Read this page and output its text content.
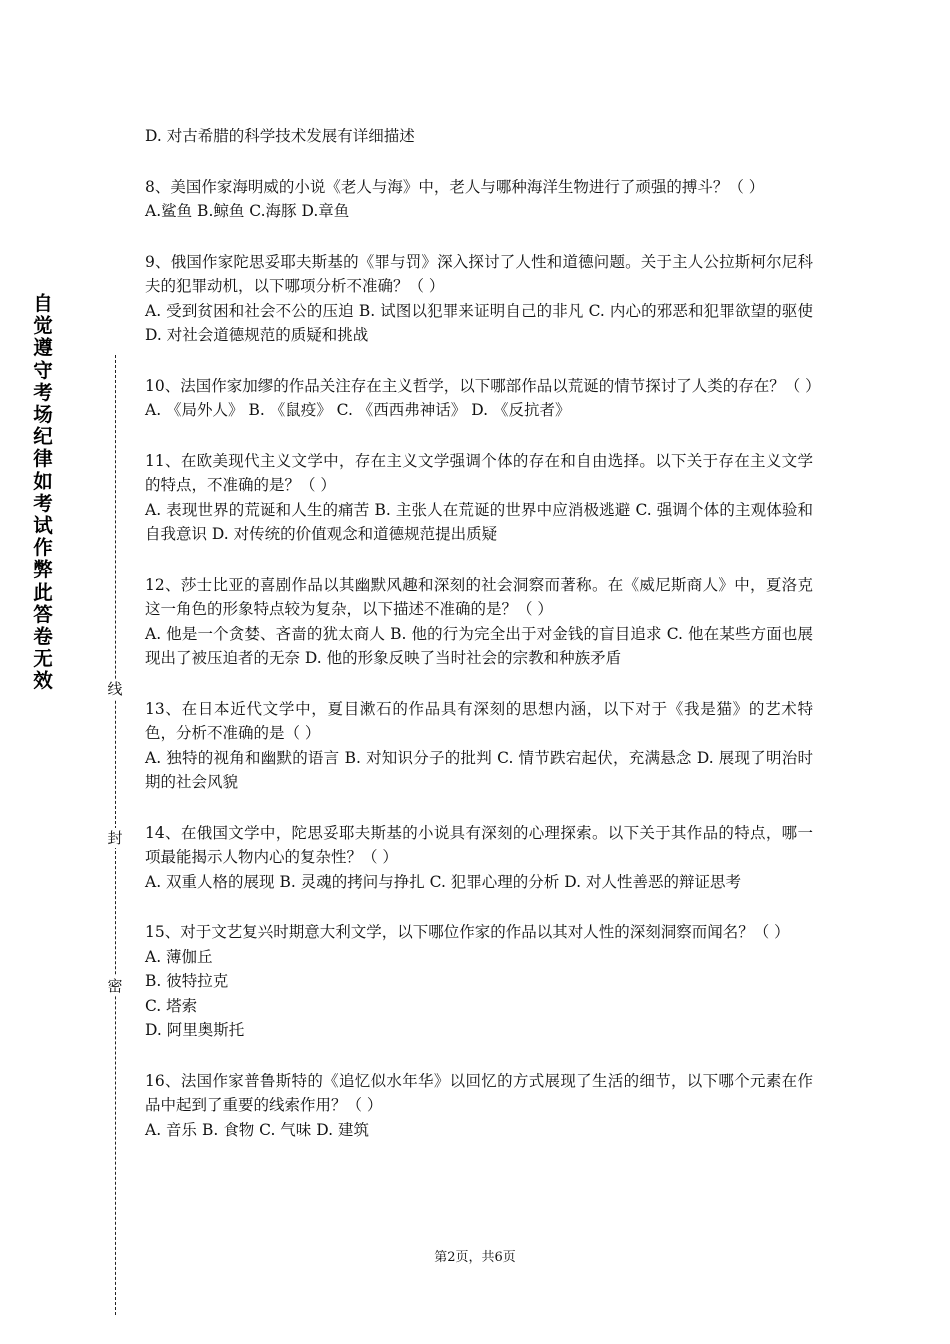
自
觉
遵
守
考
场
纪
律
如
考
试
作
弊
此
答
卷
无
效	线
封
密

D. 对古希腊的科学技术发展有详细描述

8、美国作家海明威的小说《老人与海》中，老人与哪种海洋生物进行了顽强的搏斗？（ ）

A.鲨鱼 B.鲸鱼 C.海豚 D.章鱼

9、俄国作家陀思妥耶夫斯基的《罪与罚》深入探讨了人性和道德问题。关于主人公拉斯柯尔尼科夫的犯罪动机，以下哪项分析不准确？（ ）

A. 受到贫困和社会不公的压迫 B. 试图以犯罪来证明自己的非凡 C. 内心的邪恶和犯罪欲望的驱使 D. 对社会道德规范的质疑和挑战

10、法国作家加缪的作品关注存在主义哲学，以下哪部作品以荒诞的情节探讨了人类的存在？（ ）

A. 《局外人》 B. 《鼠疫》 C. 《西西弗神话》 D. 《反抗者》

11、在欧美现代主义文学中，存在主义文学强调个体的存在和自由选择。以下关于存在主义文学的特点，不准确的是？（ ）

A. 表现世界的荒诞和人生的痛苦 B. 主张人在荒诞的世界中应消极逃避 C. 强调个体的主观体验和自我意识 D. 对传统的价值观念和道德规范提出质疑

12、莎士比亚的喜剧作品以其幽默风趣和深刻的社会洞察而著称。在《威尼斯商人》中，夏洛克这一角色的形象特点较为复杂，以下描述不准确的是？（ ）

A. 他是一个贪婪、吝啬的犹太商人 B. 他的行为完全出于对金钱的盲目追求 C. 他在某些方面也展现出了被压迫者的无奈 D. 他的形象反映了当时社会的宗教和种族矛盾

13、在日本近代文学中，夏目漱石的作品具有深刻的思想内涵，以下对于《我是猫》的艺术特色，分析不准确的是（ ）

A. 独特的视角和幽默的语言 B. 对知识分子的批判 C. 情节跌宕起伏，充满悬念 D. 展现了明治时期的社会风貌

14、在俄国文学中，陀思妥耶夫斯基的小说具有深刻的心理探索。以下关于其作品的特点，哪一项最能揭示人物内心的复杂性？（ ）

A. 双重人格的展现 B. 灵魂的拷问与挣扎 C. 犯罪心理的分析 D. 对人性善恶的辩证思考

15、对于文艺复兴时期意大利文学，以下哪位作家的作品以其对人性的深刻洞察而闻名？（ ）

A. 薄伽丘

B. 彼特拉克

C. 塔索

D. 阿里奥斯托

16、法国作家普鲁斯特的《追忆似水年华》以回忆的方式展现了生活的细节，以下哪个元素在作品中起到了重要的线索作用？（ ）

A. 音乐 B. 食物 C. 气味 D. 建筑

第2页，共6页
